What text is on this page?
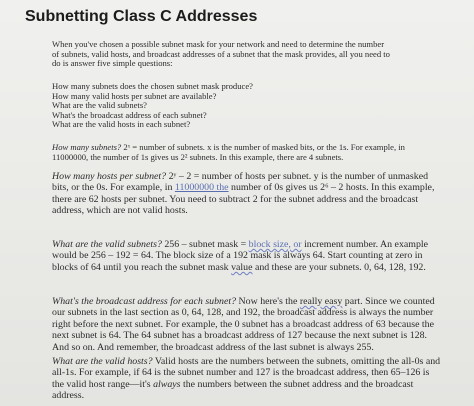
Subnetting Class C Addresses

When you've chosen a possible subnet mask for your network and need to determine the number
of subnets, valid hosts, and broadcast addresses of a subnet that the mask provides, all you need to
do is answer five simple questions:

How many subnets does the chosen subnet mask produce?
How many valid hosts per subnet are available?
What are the valid subnets?
What's the broadcast address of each subnet?
What are the valid hosts in each subnet?

How many subnets? 2ˣ = number of subnets. x is the number of masked bits, or the 1s. For example, in
11000000, the number of 1s gives us 2² subnets. In this example, there are 4 subnets.

How many hosts per subnet? 2ʸ – 2 = number of hosts per subnet. y is the number of unmasked
bits, or the 0s. For example, in 11000000 the number of 0s gives us 2⁶ – 2 hosts. In this example,
there are 62 hosts per subnet. You need to subtract 2 for the subnet address and the broadcast
address, which are not valid hosts.

What are the valid subnets? 256 – subnet mask = block size, or increment number. An example
would be 256 – 192 = 64. The block size of a 192 mask is always 64. Start counting at zero in
blocks of 64 until you reach the subnet mask value and these are your subnets. 0, 64, 128, 192.

What's the broadcast address for each subnet? Now here's the really easy part. Since we counted
our subnets in the last section as 0, 64, 128, and 192, the broadcast address is always the number
right before the next subnet. For example, the 0 subnet has a broadcast address of 63 because the
next subnet is 64. The 64 subnet has a broadcast address of 127 because the next subnet is 128.
And so on. And remember, the broadcast address of the last subnet is always 255.

What are the valid hosts? Valid hosts are the numbers between the subnets, omitting the all-0s and
all-1s. For example, if 64 is the subnet number and 127 is the broadcast address, then 65–126 is
the valid host range—it's always the numbers between the subnet address and the broadcast
address.
